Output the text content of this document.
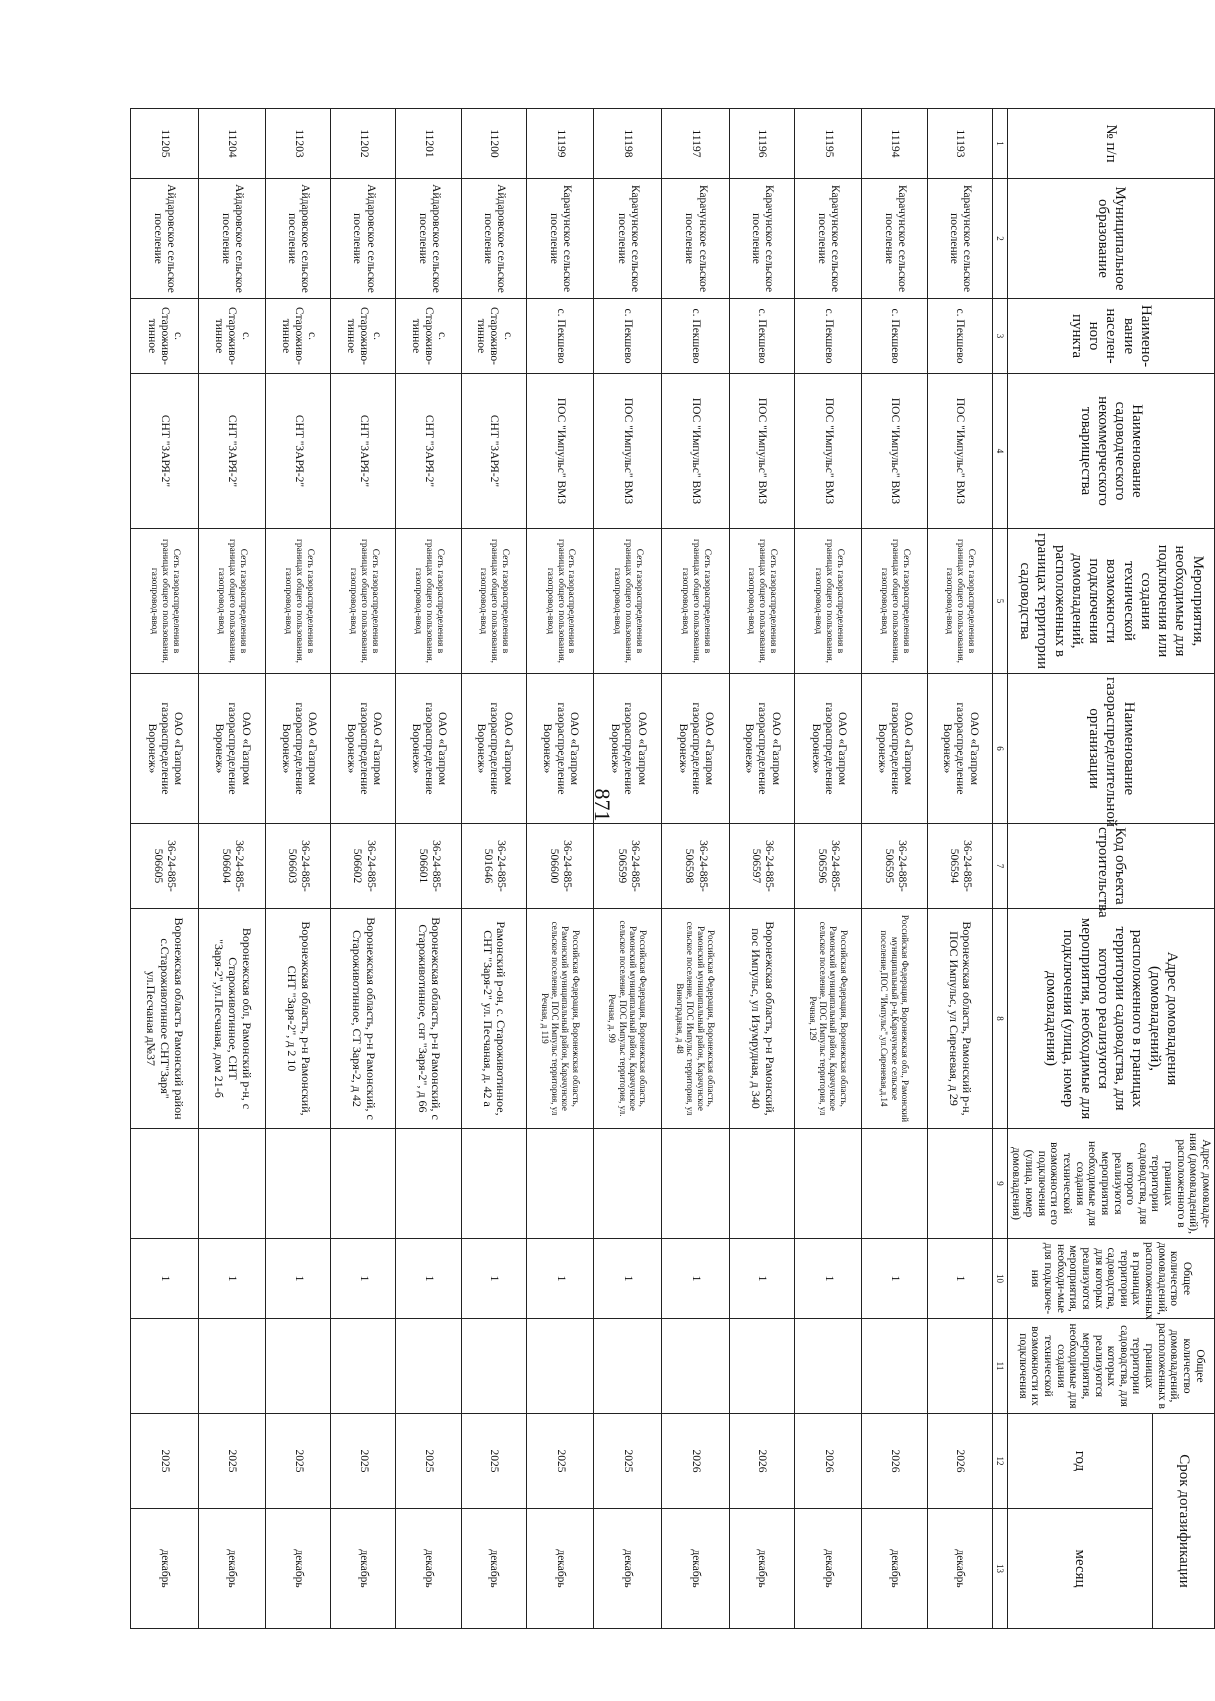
871
№ п/п	Муниципальное образование	Наимено-вание населен-ного пункта	Наименование садоводческого некоммерческого товарищества	Мероприятия, необходимые для подключения или создания технической возможности подключения домовладений, расположенных в границах территории садоводства	Наименование газораспределительной организации	Код объекта строительства	Адрес домовладения (домовладений), расположенного в границах территории садоводства, для которого реализуются мероприятия, необходимые для подключения (улица, номер домовладения)	Адрес домовладе-ния (домовладений), расположенного в границах территории садоводства, для которого реализуются мероприятия необходимые для создания технической возможности его подключения (улица, номер домовладения)	Общее количество домовладений, расположенных в границах территории садоводства, для которых реализуются мероприятия, необходи-мые для подключе-ния	Общее количество домовладений, расположенных в границах территории садоводства, для которых реализуются мероприятия, необходимые для создания технической возможности их подключения	Срок догазификации	
											год	месяц
1	2	3	4	5	6	7	8	9	10	11	12	13
11193	Карачунское сельское поселение	с. Пекшево	ПОС "Импульс" ВМЗ	Сеть газораспределения в границах общего пользования, газопровод-ввод	ОАО «Газпром газораспределение Воронеж»	36-24-885-506594	Воронежская область, Рамонский р-н, ПОС Импульс, ул Сиреневая, д 29		1		2026	декабрь
11194	Карачунское сельское поселение	с. Пекшево	ПОС "Импульс" ВМЗ	Сеть газораспределения в границах общего пользования, газопровод-ввод	ОАО «Газпром газораспределение Воронеж»	36-24-885-506595	Российская Федерация, Воронежская обл., Рамонский муниципальный р-н,Карачунское сельское поселение,ПОС "Импульс",ул.Сиреневая,д.14		1		2026	декабрь
11195	Карачунское сельское поселение	с. Пекшево	ПОС "Импульс" ВМЗ	Сеть газораспределения в границах общего пользования, газопровод-ввод	ОАО «Газпром газораспределение Воронеж»	36-24-885-506596	Российская Федерация, Воронежская область, Рамонский муниципальный район, Карачунское сельское поселение, ПОС Импульс территория, ул Речная, 129		1		2026	декабрь
11196	Карачунское сельское поселение	с. Пекшево	ПОС "Импульс" ВМЗ	Сеть газораспределения в границах общего пользования, газопровод-ввод	ОАО «Газпром газораспределение Воронеж»	36-24-885-506597	Воронежская область, р-н Рамонский, пос Импульс, ул Изумрудная, д 340		1		2026	декабрь
11197	Карачунское сельское поселение	с. Пекшево	ПОС "Импульс" ВМЗ	Сеть газораспределения в границах общего пользования, газопровод-ввод	ОАО «Газпром газораспределение Воронеж»	36-24-885-506598	Российская Федерация, Воронежская область, Рамонский муниципальный район, Карачунское сельское поселение, ПОС Импульс территория, ул Виноградная, д 48		1		2026	декабрь
11198	Карачунское сельское поселение	с. Пекшево	ПОС "Импульс" ВМЗ	Сеть газораспределения в границах общего пользования, газопровод-ввод	ОАО «Газпром газораспределение Воронеж»	36-24-885-506599	Российская Федерация, Воронежская область, Рамонский муниципальный район, Карачунское сельское поселение, ПОС Импульс территория, ул. Речная, д. 99		1		2025	декабрь
11199	Карачунское сельское поселение	с. Пекшево	ПОС "Импульс" ВМЗ	Сеть газораспределения в границах общего пользования, газопровод-ввод	ОАО «Газпром газораспределение Воронеж»	36-24-885-506600	Российская Федерация, Воронежская область, Рамонский муниципальный район, Карачунское сельское поселение, ПОС Импульс территория, ул Речная, д 119		1		2025	декабрь
11200	Айдаровское сельское поселение	с. Староживо-тинное	СНТ "ЗАРЯ-2"	Сеть газораспределения в границах общего пользования, газопровод-ввод	ОАО «Газпром газораспределение Воронеж»	36-24-885-501646	Рамонский р-он, с. Староживотинное, СНТ "Заря-2" ул. Песчаная, д. 42 а		1		2025	декабрь
11201	Айдаровское сельское поселение	с. Староживо-тинное	СНТ "ЗАРЯ-2"	Сеть газораспределения в границах общего пользования, газопровод-ввод	ОАО «Газпром газораспределение Воронеж»	36-24-885-506601	Воронежская область, р-н Рамонский, с Староживотинное, снт "Заря-2", д 66		1		2025	декабрь
11202	Айдаровское сельское поселение	с. Староживо-тинное	СНТ "ЗАРЯ-2"	Сеть газораспределения в границах общего пользования, газопровод-ввод	ОАО «Газпром газораспределение Воронеж»	36-24-885-506602	Воронежская область, р-н Рамонский, с Староживотинное, СТ Заря-2, д 42		1		2025	декабрь
11203	Айдаровское сельское поселение	с. Староживо-тинное	СНТ "ЗАРЯ-2"	Сеть газораспределения в границах общего пользования, газопровод-ввод	ОАО «Газпром газораспределение Воронеж»	36-24-885-506603	Воронежская область, р-н Рамонский, СНТ "Заря-2", д 2 10		1		2025	декабрь
11204	Айдаровское сельское поселение	с. Староживо-тинное	СНТ "ЗАРЯ-2"	Сеть газораспределения в границах общего пользования, газопровод-ввод	ОАО «Газпром газораспределение Воронеж»	36-24-885-506604	Воронежская обл, Рамонский р-н, с Староживотинное, СНТ "Заря-2",ул.Песчаная, дом 21-б		1		2025	декабрь
11205	Айдаровское сельское поселение	с. Староживо-тинное	СНТ "ЗАРЯ-2"	Сеть газораспределения в границах общего пользования, газопровод-ввод	ОАО «Газпром газораспределение Воронеж»	36-24-885-506605	Воронежская область Рамонский район с.Староживотинное СНТ"Заря" ул.Песчаная д№37		1		2025	декабрь
